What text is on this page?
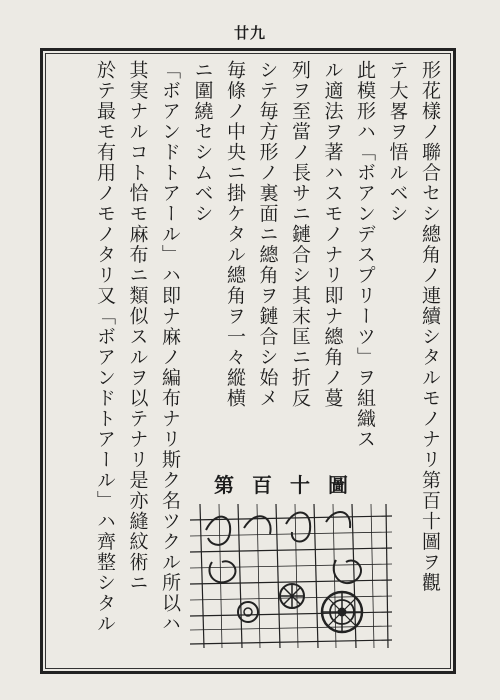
廿九
形花樣ノ聯合セシ總角ノ連續シタルモノナリ第百十圖ヲ觀
テ大畧ヲ悟ルベシ
此模形ハ「ボアンデスプリーツ」ヲ組織ス
ル適法ヲ著ハスモノナリ即ナ總角ノ蔓
列ヲ至當ノ長サニ鏈合シ其末匡ニ折反
シテ毎方形ノ裏面ニ總角ヲ鏈合シ始メ
毎條ノ中央ニ掛ケタル總角ヲ一々縱横
ニ圍繞セシムベシ
「ボアンドトアール」ハ即ナ麻ノ編布ナリ斯ク名ツクル所以ハ
其実ナルコト恰モ麻布ニ類似スルヲ以テナリ是亦縫紋術ニ
於テ最モ有用ノモノタリ又「ボアンドトアール」ハ齊整シタル	第百十圖
